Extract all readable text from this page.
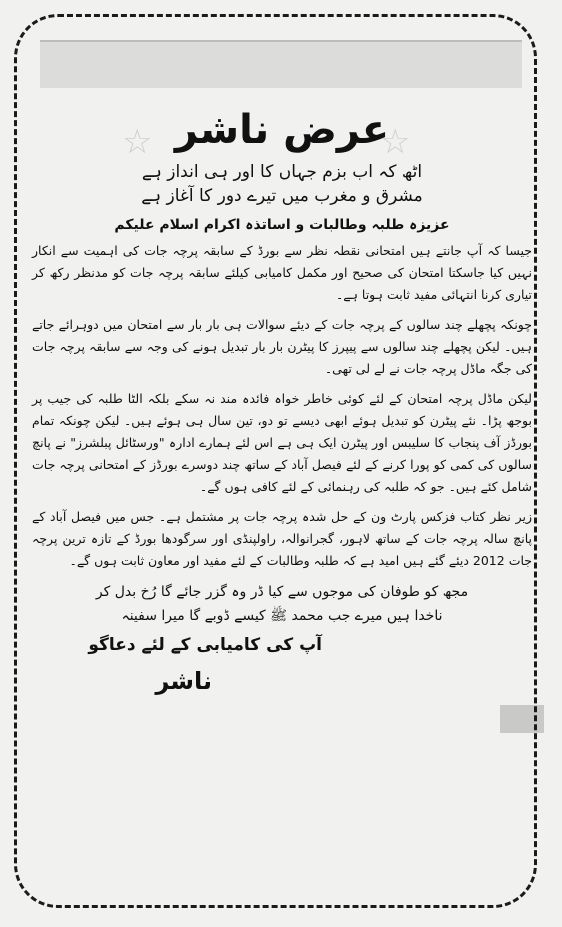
☆	☆
عرض ناشر

اٹھ کہ اب بزم جہاں کا اور ہی انداز ہے

مشرق و مغرب میں تیرے دور کا آغاز ہے

عزیزہ طلبہ وطالبات و اساتذہ اکرام اسلام علیکم

جیسا کہ آپ جانتے ہیں امتحانی نقطہ نظر سے بورڈ کے سابقہ پرچہ جات کی اہمیت سے انکار نہیں کیا جاسکتا امتحان کی صحیح اور مکمل کامیابی کیلئے سابقہ پرچہ جات کو مدنظر رکھ کر تیاری کرنا انتہائی مفید ثابت ہوتا ہے۔

چونکہ پچھلے چند سالوں کے پرچہ جات کے دیئے سوالات ہی بار بار سے امتحان میں دوہرائے جاتے ہیں۔ لیکن پچھلے چند سالوں سے پیپرز کا پیٹرن بار بار تبدیل ہونے کی وجہ سے سابقہ پرچہ جات کی جگہ ماڈل پرچہ جات نے لے لی تھی۔

لیکن ماڈل پرچہ امتحان کے لئے کوئی خاطر خواہ فائدہ مند نہ سکے بلکہ الٹا طلبہ کی جیب پر بوجھ پڑا۔ نئے پیٹرن کو تبدیل ہوئے ابھی دیسے تو دو، تین سال ہی ہوئے ہیں۔ لیکن چونکہ تمام بورڈز آف پنجاب کا سلیبس اور پیٹرن ایک ہی ہے اس لئے ہمارے ادارہ "ورسٹائل پبلشرز" نے پانچ سالوں کی کمی کو پورا کرنے کے لئے فیصل آباد کے ساتھ چند دوسرے بورڈز کے امتحانی پرچہ جات شامل کئے ہیں۔ جو کہ طلبہ کی رہنمائی کے لئے کافی ہوں گے۔

زیر نظر کتاب فزکس پارٹ ون کے حل شدہ پرچہ جات پر مشتمل ہے۔ جس میں فیصل آباد کے پانچ سالہ پرچہ جات کے ساتھ لاہور، گجرانوالہ، راولپنڈی اور سرگودھا بورڈ کے تازہ ترین پرچہ جات 2012 دیئے گئے ہیں امید ہے کہ طلبہ وطالبات کے لئے مفید اور معاون ثابت ہوں گے۔

مجھ کو طوفان کی موجوں سے کیا ڈر وہ گزر جائے گا رُخ بدل کر

ناخدا ہیں میرے جب محمد ﷺ کیسے ڈوبے گا میرا سفینہ

آپ کی کامیابی کے لئے دعاگو

ناشر
